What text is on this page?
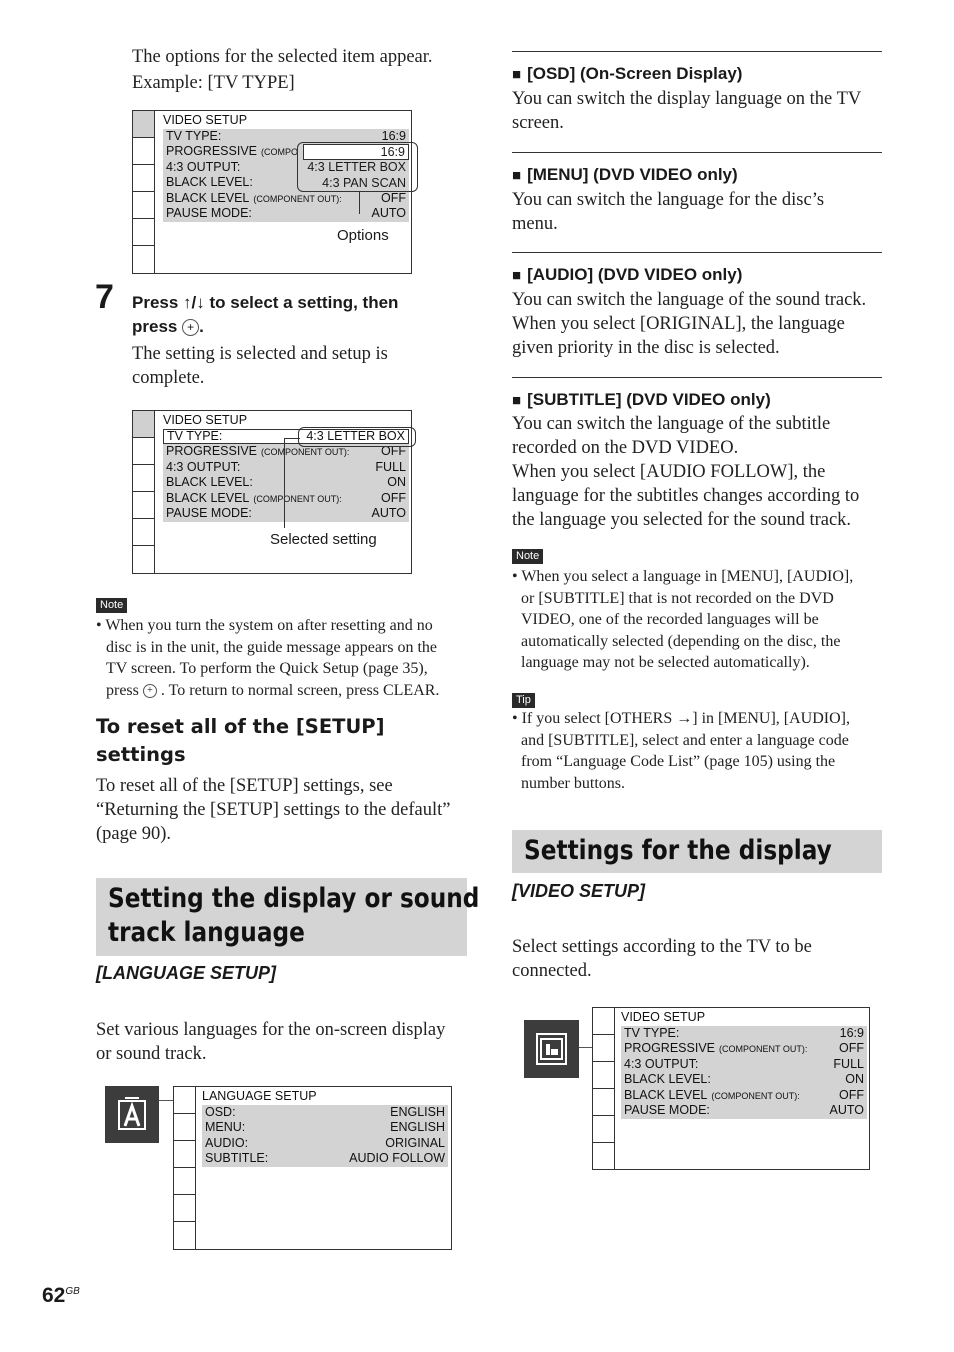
The options for the selected item appear.
Example: [TV TYPE]
VIDEO SETUP
TV TYPE:	16:9
PROGRESSIVE (COMPO
4:3 OUTPUT:
BLACK LEVEL:
BLACK LEVEL (COMPONENT OUT):	OFF
PAUSE MODE:	AUTO
16:9
4:3 LETTER BOX
4:3 PAN SCAN
Options
7 Press ↑/↓ to select a setting, then
press + .
The setting is selected and setup is
complete.
VIDEO SETUP
TV TYPE:	4:3 LETTER BOX
PROGRESSIVE (COMPONENT OUT):	OFF
4:3 OUTPUT:	FULL
BLACK LEVEL:	ON
BLACK LEVEL (COMPONENT OUT):	OFF
PAUSE MODE:	AUTO
Selected setting
Note
• When you turn the system on after resetting and no
disc is in the unit, the guide message appears on the
TV screen. To perform the Quick Setup (page 35),
press + . To return to normal screen, press CLEAR.
To reset all of the [SETUP]
settings
To reset all of the [SETUP] settings, see
“Returning the [SETUP] settings to the default”
(page 90).
Setting the display or sound
track language
[LANGUAGE SETUP]
Set various languages for the on-screen display
or sound track.
LANGUAGE SETUP
OSD:	ENGLISH
MENU:	ENGLISH
AUDIO:	ORIGINAL
SUBTITLE:	AUDIO FOLLOW
$62^{GB}$
■ [OSD] (On-Screen Display)
You can switch the display language on the TV
screen.
■ [MENU] (DVD VIDEO only)
You can switch the language for the disc’s
menu.
■ [AUDIO] (DVD VIDEO only)
You can switch the language of the sound track.
When you select [ORIGINAL], the language
given priority in the disc is selected.
■ [SUBTITLE] (DVD VIDEO only)
You can switch the language of the subtitle
recorded on the DVD VIDEO.
When you select [AUDIO FOLLOW], the
language for the subtitles changes according to
the language you selected for the sound track.
Note
• When you select a language in [MENU], [AUDIO],
or [SUBTITLE] that is not recorded on the DVD
VIDEO, one of the recorded languages will be
automatically selected (depending on the disc, the
language may not be selected automatically).
Tip
• If you select [OTHERS →] in [MENU], [AUDIO],
and [SUBTITLE], select and enter a language code
from “Language Code List” (page 105) using the
number buttons.
Settings for the display
[VIDEO SETUP]
Select settings according to the TV to be
connected.
VIDEO SETUP
TV TYPE:	16:9
PROGRESSIVE (COMPONENT OUT):	OFF
4:3 OUTPUT:	FULL
BLACK LEVEL:	ON
BLACK LEVEL (COMPONENT OUT):	OFF
PAUSE MODE:	AUTO
